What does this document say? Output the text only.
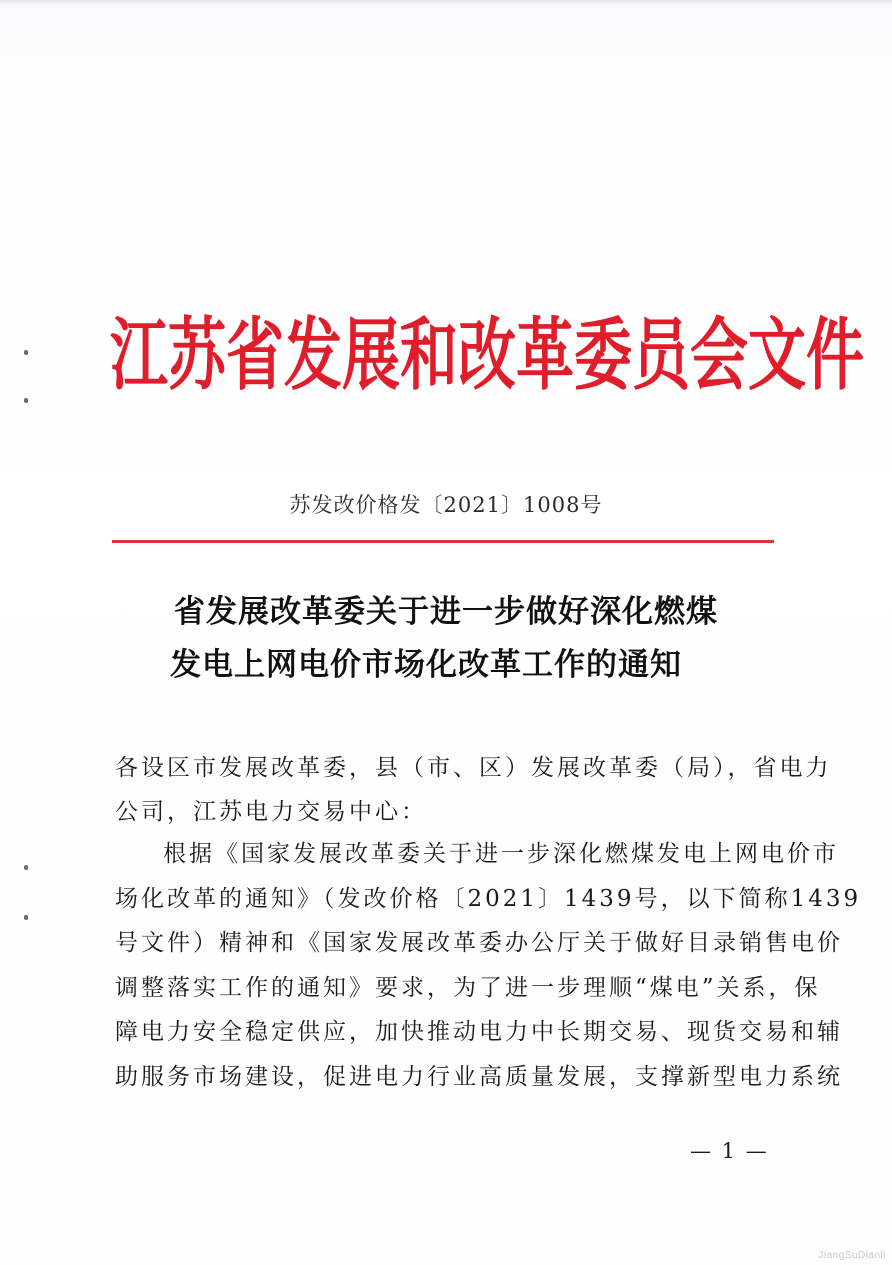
江苏省发展和改革委员会文件
苏发改价格发〔2021〕1008号
省发展改革委关于进一步做好深化燃煤
发电上网电价市场化改革工作的通知
各设区市发展改革委，县（市、区）发展改革委（局），省电力
公司，江苏电力交易中心：
根据《国家发展改革委关于进一步深化燃煤发电上网电价市
场化改革的通知》（发改价格〔2021〕1439号，以下简称1439
号文件）精神和《国家发展改革委办公厅关于做好目录销售电价
调整落实工作的通知》要求，为了进一步理顺“煤电”关系，保
障电力安全稳定供应，加快推动电力中长期交易、现货交易和辅
助服务市场建设，促进电力行业高质量发展，支撑新型电力系统
— 1 —
JiangSuDianli
